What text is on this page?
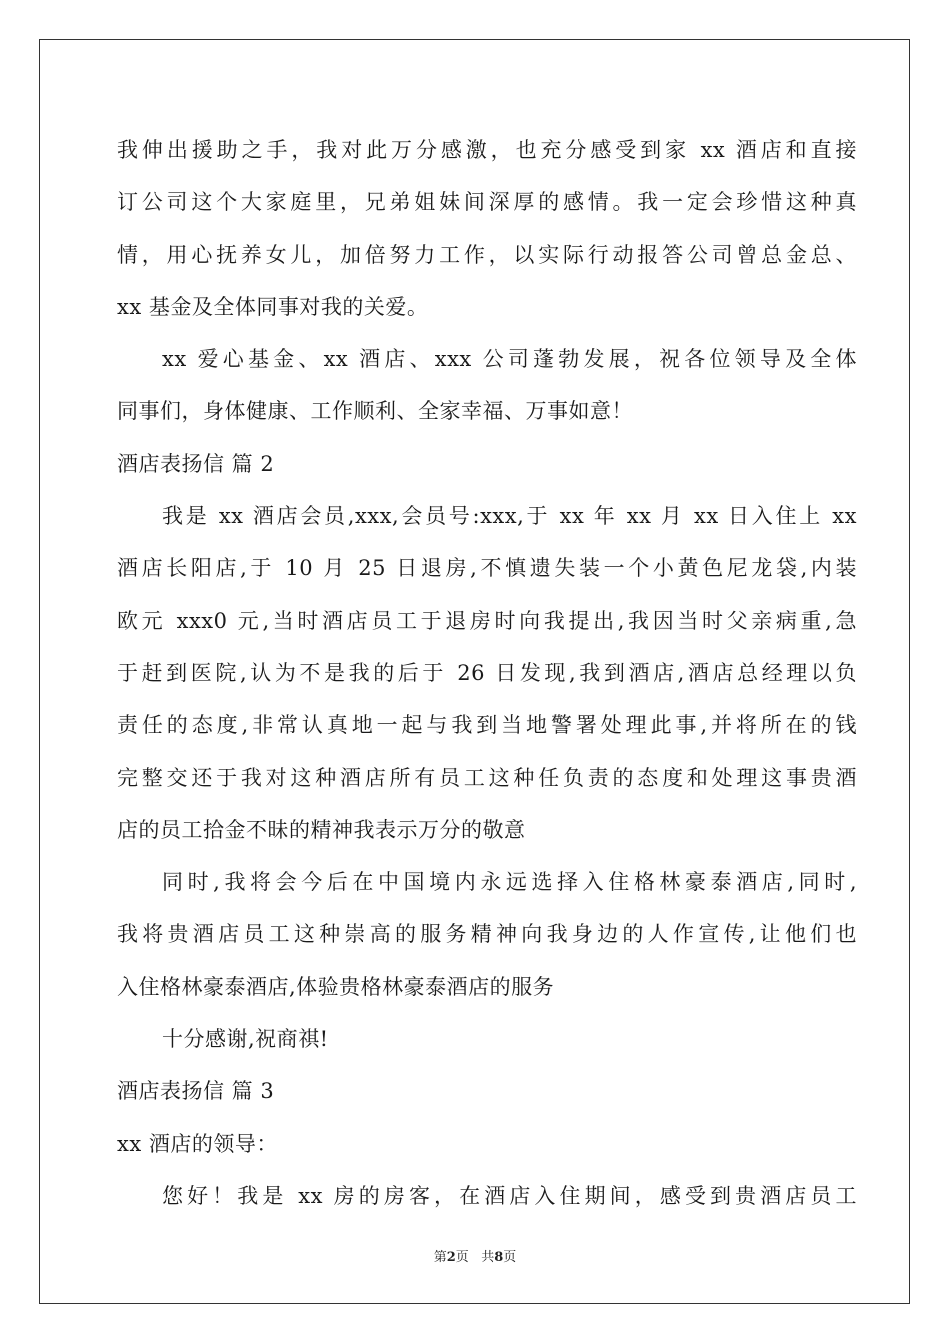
我伸出援助之手，我对此万分感激，也充分感受到家 xx 酒店和直接
订公司这个大家庭里，兄弟姐妹间深厚的感情。我一定会珍惜这种真
情，用心抚养女儿，加倍努力工作，以实际行动报答公司曾总金总、
xx 基金及全体同事对我的关爱。
xx 爱心基金、xx 酒店、xxx 公司蓬勃发展，祝各位领导及全体
同事们，身体健康、工作顺利、全家幸福、万事如意！
酒店表扬信 篇 2
我是 xx 酒店会员,xxx,会员号:xxx,于 xx 年 xx 月 xx 日入住上 xx
酒店长阳店,于 10 月 25 日退房,不慎遗失装一个小黄色尼龙袋,内装
欧元 xxx0 元,当时酒店员工于退房时向我提出,我因当时父亲病重,急
于赶到医院,认为不是我的后于 26 日发现,我到酒店,酒店总经理以负
责任的态度,非常认真地一起与我到当地警署处理此事,并将所在的钱
完整交还于我对这种酒店所有员工这种任负责的态度和处理这事贵酒
店的员工拾金不昧的精神我表示万分的敬意
同时,我将会今后在中国境内永远选择入住格林豪泰酒店,同时,
我将贵酒店员工这种崇高的服务精神向我身边的人作宣传,让他们也
入住格林豪泰酒店,体验贵格林豪泰酒店的服务
十分感谢,祝商祺!
酒店表扬信 篇 3
xx 酒店的领导：
您好！我是 xx 房的房客，在酒店入住期间，感受到贵酒店员工
第2页 共8页
